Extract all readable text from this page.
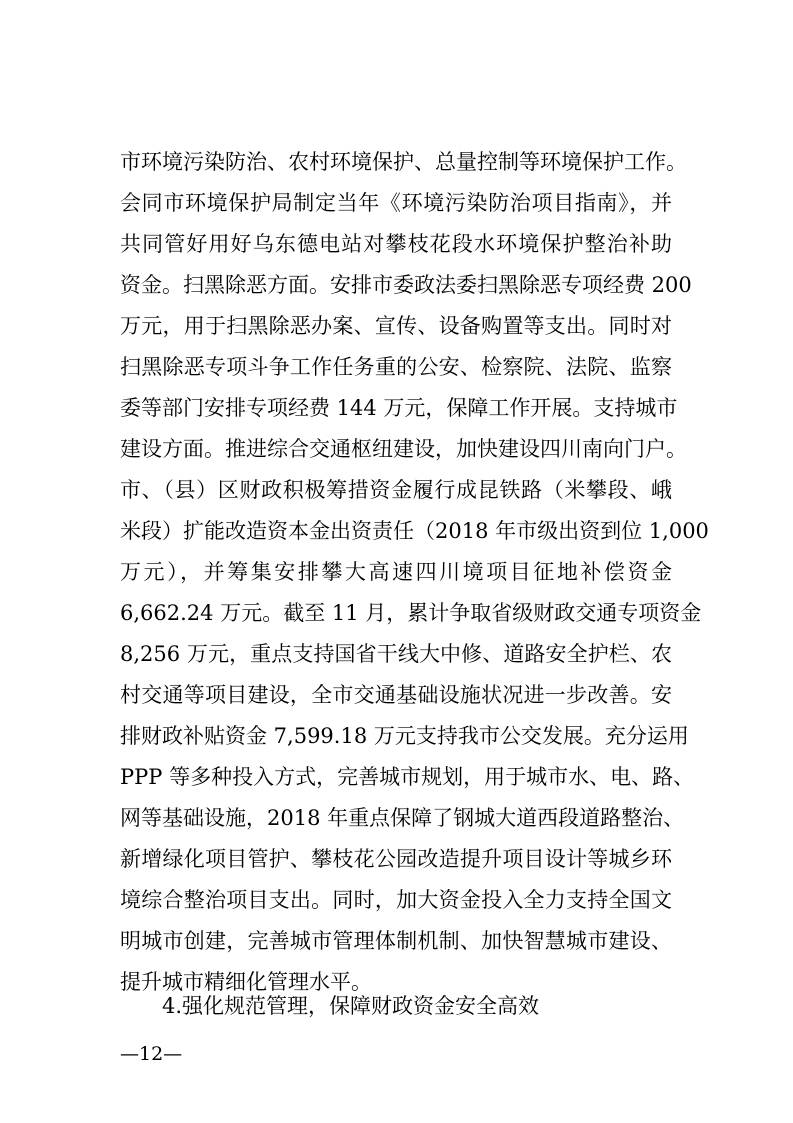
市环境污染防治、农村环境保护、总量控制等环境保护工作。
会同市环境保护局制定当年《环境污染防治项目指南》，并
共同管好用好乌东德电站对攀枝花段水环境保护整治补助
资金。扫黑除恶方面。安排市委政法委扫黑除恶专项经费 200
万元，用于扫黑除恶办案、宣传、设备购置等支出。同时对
扫黑除恶专项斗争工作任务重的公安、检察院、法院、监察
委等部门安排专项经费 144 万元，保障工作开展。支持城市
建设方面。推进综合交通枢纽建设，加快建设四川南向门户。
市、（县）区财政积极筹措资金履行成昆铁路（米攀段、峨
米段）扩能改造资本金出资责任（2018 年市级出资到位 1,000
万元），并筹集安排攀大高速四川境项目征地补偿资金
6,662.24 万元。截至 11 月，累计争取省级财政交通专项资金
8,256 万元，重点支持国省干线大中修、道路安全护栏、农
村交通等项目建设，全市交通基础设施状况进一步改善。安
排财政补贴资金 7,599.18 万元支持我市公交发展。充分运用
PPP 等多种投入方式，完善城市规划，用于城市水、电、路、
网等基础设施，2018 年重点保障了钢城大道西段道路整治、
新增绿化项目管护、攀枝花公园改造提升项目设计等城乡环
境综合整治项目支出。同时，加大资金投入全力支持全国文
明城市创建，完善城市管理体制机制、加快智慧城市建设、
提升城市精细化管理水平。
4.强化规范管理，保障财政资金安全高效
—12—
